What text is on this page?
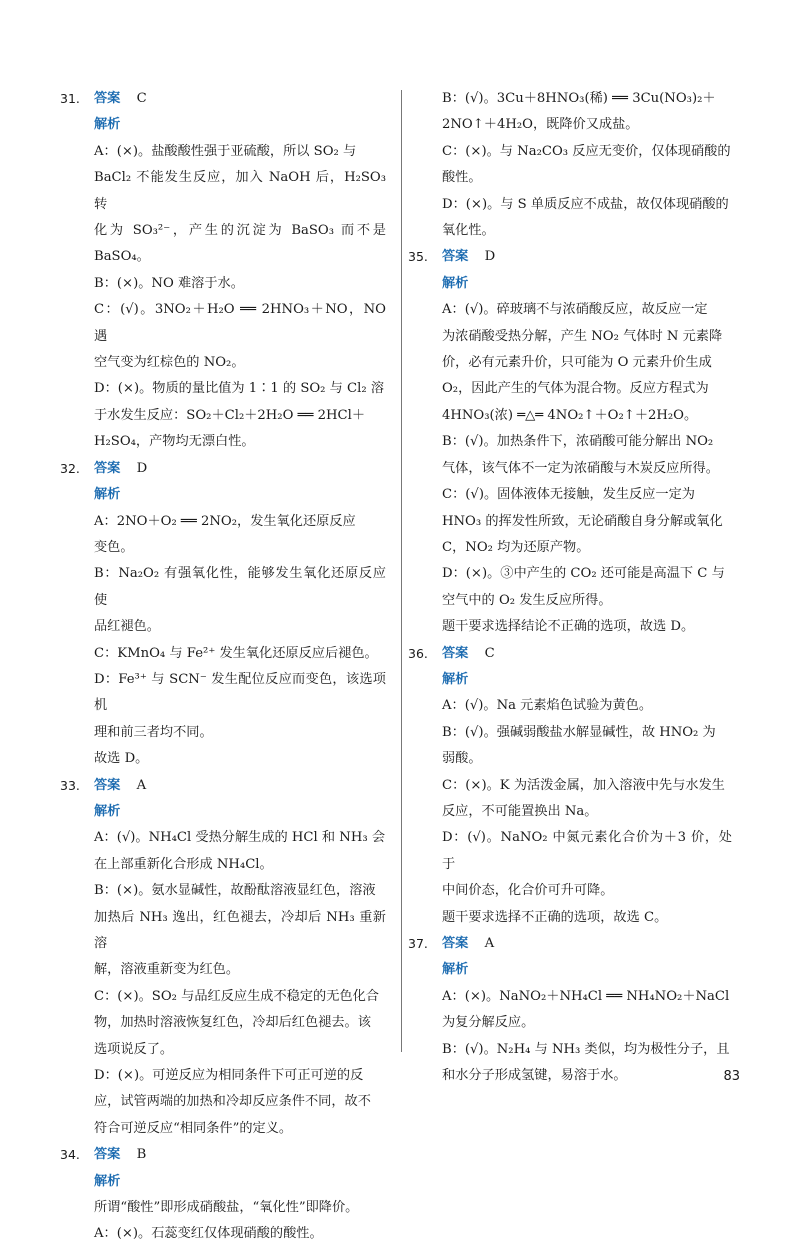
31. 答案 C
解析
A：(×)。盐酸酸性强于亚硫酸，所以 SO₂ 与
BaCl₂ 不能发生反应，加入 NaOH 后，H₂SO₃ 转
化为 SO₃²⁻，产生的沉淀为 BaSO₃ 而不是 BaSO₄。
B：(×)。NO 难溶于水。
C：(√)。3NO₂＋H₂O ══ 2HNO₃＋NO，NO 遇
空气变为红棕色的 NO₂。
D：(×)。物质的量比值为 1∶1 的 SO₂ 与 Cl₂ 溶
于水发生反应：SO₂＋Cl₂＋2H₂O ══ 2HCl＋
H₂SO₄，产物均无漂白性。
32. 答案 D
解析
A：2NO＋O₂ ══ 2NO₂，发生氧化还原反应
变色。
B：Na₂O₂ 有强氧化性，能够发生氧化还原反应使
品红褪色。
C：KMnO₄ 与 Fe²⁺ 发生氧化还原反应后褪色。
D：Fe³⁺ 与 SCN⁻ 发生配位反应而变色，该选项机
理和前三者均不同。
故选 D。
33. 答案 A
解析
A：(√)。NH₄Cl 受热分解生成的 HCl 和 NH₃ 会
在上部重新化合形成 NH₄Cl。
B：(×)。氨水显碱性，故酚酞溶液显红色，溶液
加热后 NH₃ 逸出，红色褪去，冷却后 NH₃ 重新溶
解，溶液重新变为红色。
C：(×)。SO₂ 与品红反应生成不稳定的无色化合
物，加热时溶液恢复红色，冷却后红色褪去。该
选项说反了。
D：(×)。可逆反应为相同条件下可正可逆的反
应，试管两端的加热和冷却反应条件不同，故不
符合可逆反应“相同条件”的定义。
34. 答案 B
解析
所谓“酸性”即形成硝酸盐，“氧化性”即降价。
A：(×)。石蕊变红仅体现硝酸的酸性。
B：(√)。3Cu＋8HNO₃(稀) ══ 3Cu(NO₃)₂＋
2NO↑＋4H₂O，既降价又成盐。
C：(×)。与 Na₂CO₃ 反应无变价，仅体现硝酸的
酸性。
D：(×)。与 S 单质反应不成盐，故仅体现硝酸的
氧化性。
35. 答案 D
解析
A：(√)。碎玻璃不与浓硝酸反应，故反应一定
为浓硝酸受热分解，产生 NO₂ 气体时 N 元素降
价，必有元素升价，只可能为 O 元素升价生成
O₂，因此产生的气体为混合物。反应方程式为
4HNO₃(浓) ═△═ 4NO₂↑＋O₂↑＋2H₂O。
B：(√)。加热条件下，浓硝酸可能分解出 NO₂
气体，该气体不一定为浓硝酸与木炭反应所得。
C：(√)。固体液体无接触，发生反应一定为
HNO₃ 的挥发性所致，无论硝酸自身分解或氧化
C，NO₂ 均为还原产物。
D：(×)。③中产生的 CO₂ 还可能是高温下 C 与
空气中的 O₂ 发生反应所得。
题干要求选择结论不正确的选项，故选 D。
36. 答案 C
解析
A：(√)。Na 元素焰色试验为黄色。
B：(√)。强碱弱酸盐水解显碱性，故 HNO₂ 为
弱酸。
C：(×)。K 为活泼金属，加入溶液中先与水发生
反应，不可能置换出 Na。
D：(√)。NaNO₂ 中氮元素化合价为＋3 价，处于
中间价态，化合价可升可降。
题干要求选择不正确的选项，故选 C。
37. 答案 A
解析
A：(×)。NaNO₂＋NH₄Cl ══ NH₄NO₂＋NaCl
为复分解反应。
B：(√)。N₂H₄ 与 NH₃ 类似，均为极性分子，且
和水分子形成氢键，易溶于水。	83
